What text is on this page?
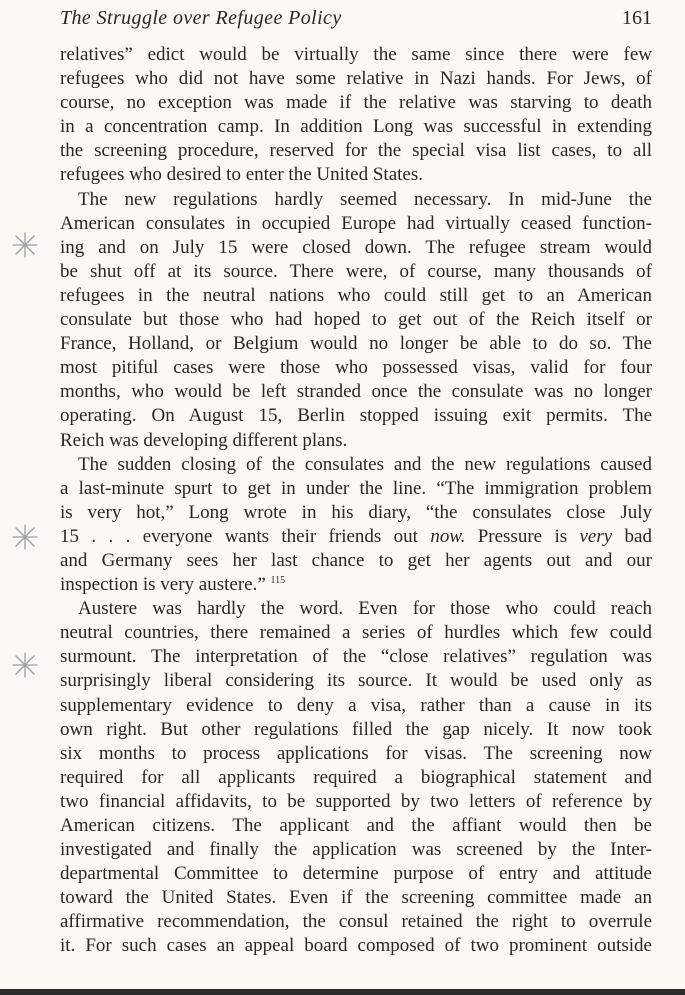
The Struggle over Refugee Policy	161
relatives” edict would be virtually the same since there were few
refugees who did not have some relative in Nazi hands. For Jews, of
course, no exception was made if the relative was starving to death
in a concentration camp. In addition Long was successful in extending
the screening procedure, reserved for the special visa list cases, to all
refugees who desired to enter the United States.
The new regulations hardly seemed necessary. In mid-June the
American consulates in occupied Europe had virtually ceased function-
ing and on July 15 were closed down. The refugee stream would
be shut off at its source. There were, of course, many thousands of
refugees in the neutral nations who could still get to an American
consulate but those who had hoped to get out of the Reich itself or
France, Holland, or Belgium would no longer be able to do so. The
most pitiful cases were those who possessed visas, valid for four
months, who would be left stranded once the consulate was no longer
operating. On August 15, Berlin stopped issuing exit permits. The
Reich was developing different plans.
The sudden closing of the consulates and the new regulations caused
a last-minute spurt to get in under the line. “The immigration problem
is very hot,” Long wrote in his diary, “the consulates close July
15 . . . everyone wants their friends out now. Pressure is very bad
and Germany sees her last chance to get her agents out and our
inspection is very austere.” $^{115}$
Austere was hardly the word. Even for those who could reach
neutral countries, there remained a series of hurdles which few could
surmount. The interpretation of the “close relatives” regulation was
surprisingly liberal considering its source. It would be used only as
supplementary evidence to deny a visa, rather than a cause in its
own right. But other regulations filled the gap nicely. It now took
six months to process applications for visas. The screening now
required for all applicants required a biographical statement and
two financial affidavits, to be supported by two letters of reference by
American citizens. The applicant and the affiant would then be
investigated and finally the application was screened by the Inter-
departmental Committee to determine purpose of entry and attitude
toward the United States. Even if the screening committee made an
affirmative recommendation, the consul retained the right to overrule
it. For such cases an appeal board composed of two prominent outside
